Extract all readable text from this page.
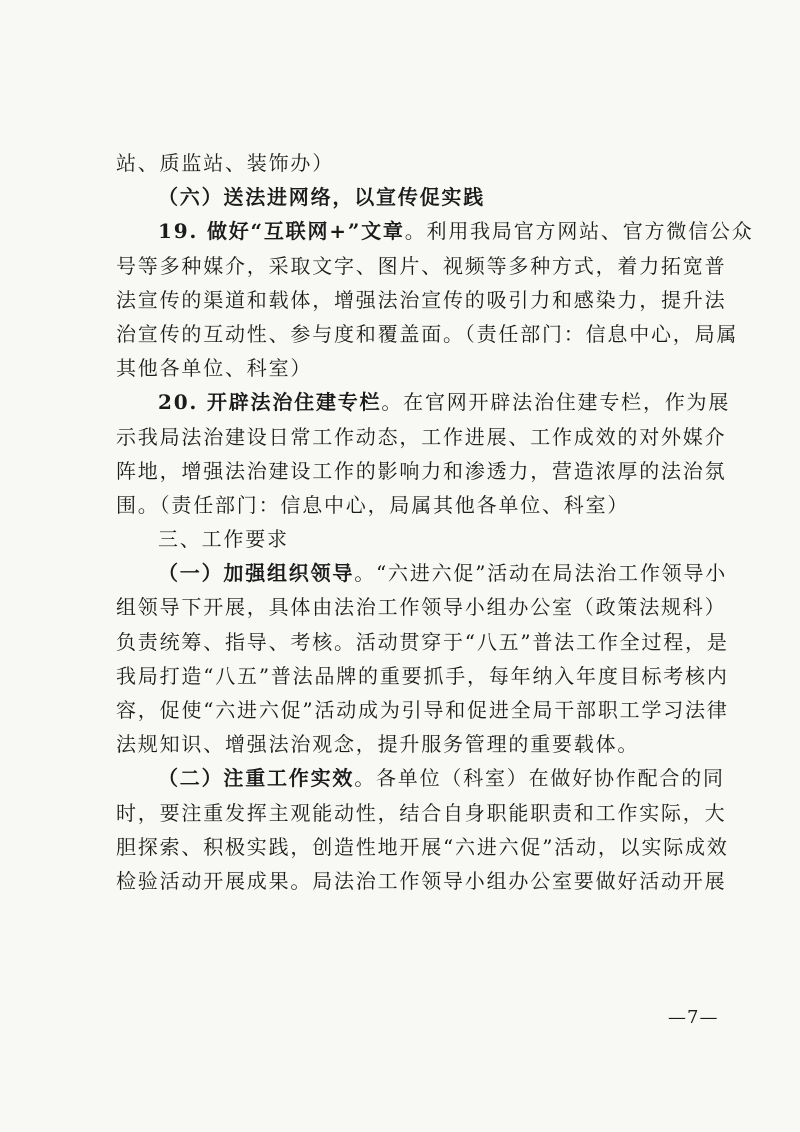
站、质监站、装饰办）
（六）送法进网络，以宣传促实践
19. 做好“互联网+”文章。利用我局官方网站、官方微信公众
号等多种媒介，采取文字、图片、视频等多种方式，着力拓宽普
法宣传的渠道和载体，增强法治宣传的吸引力和感染力，提升法
治宣传的互动性、参与度和覆盖面。（责任部门：信息中心，局属
其他各单位、科室）
20. 开辟法治住建专栏。在官网开辟法治住建专栏，作为展
示我局法治建设日常工作动态，工作进展、工作成效的对外媒介
阵地，增强法治建设工作的影响力和渗透力，营造浓厚的法治氛
围。（责任部门：信息中心，局属其他各单位、科室）
三、工作要求
（一）加强组织领导。“六进六促”活动在局法治工作领导小
组领导下开展，具体由法治工作领导小组办公室（政策法规科）
负责统筹、指导、考核。活动贯穿于“八五”普法工作全过程，是
我局打造“八五”普法品牌的重要抓手，每年纳入年度目标考核内
容，促使“六进六促”活动成为引导和促进全局干部职工学习法律
法规知识、增强法治观念，提升服务管理的重要载体。
（二）注重工作实效。各单位（科室）在做好协作配合的同
时，要注重发挥主观能动性，结合自身职能职责和工作实际，大
胆探索、积极实践，创造性地开展“六进六促”活动，以实际成效
检验活动开展成果。局法治工作领导小组办公室要做好活动开展
—7—
